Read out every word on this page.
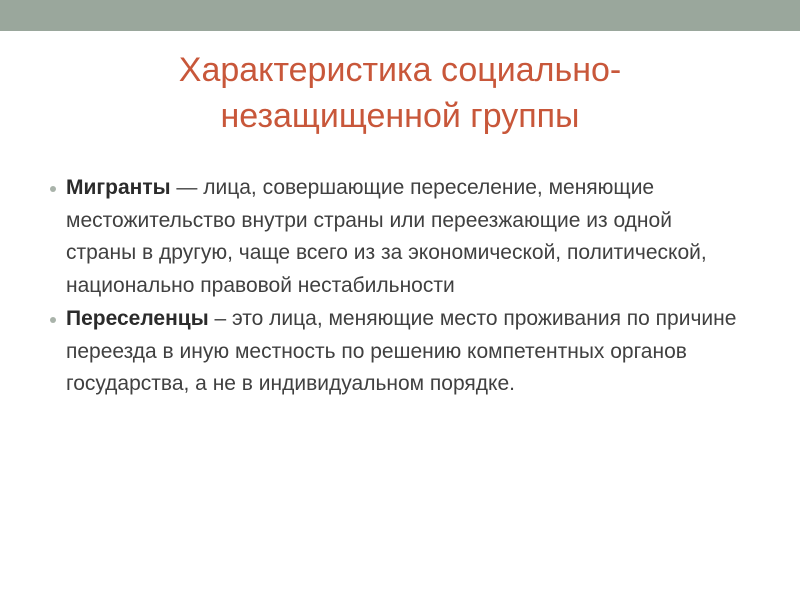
Характеристика социально-
незащищенной группы
Мигранты — лица, совершающие переселение, меняющие местожительство внутри страны или переезжающие из одной страны в другую, чаще всего из за экономической, политической, национально правовой нестабильности
Переселенцы – это лица, меняющие место проживания по причине переезда в иную местность по решению компетентных органов государства, а не в индивидуальном порядке.
